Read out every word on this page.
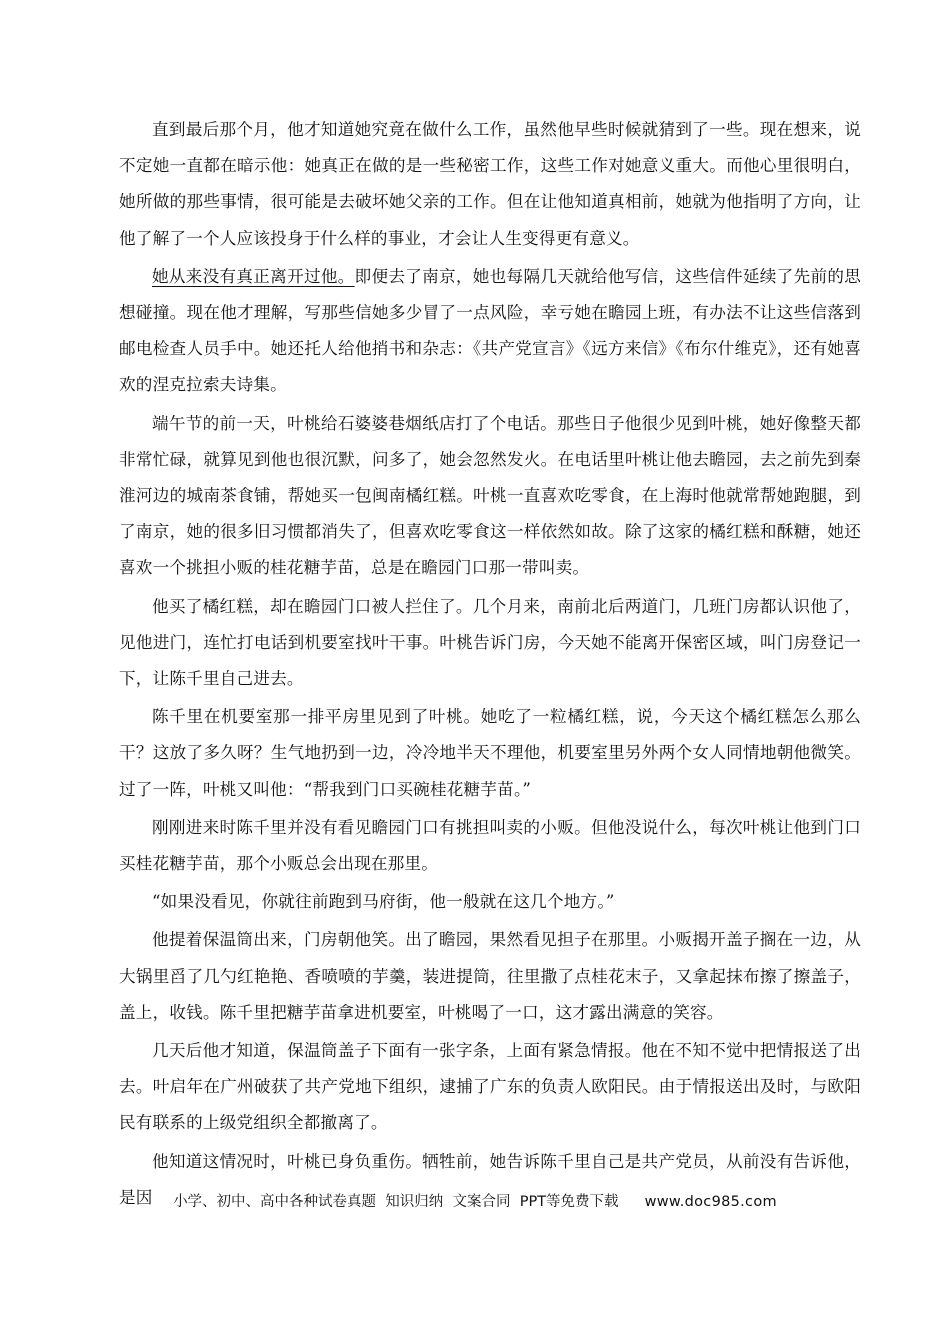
直到最后那个月，他才知道她究竟在做什么工作，虽然他早些时候就猜到了一些。现在想来，说不定她一直都在暗示他：她真正在做的是一些秘密工作，这些工作对她意义重大。而他心里很明白，她所做的那些事情，很可能是去破坏她父亲的工作。但在让他知道真相前，她就为他指明了方向，让他了解了一个人应该投身于什么样的事业，才会让人生变得更有意义。

她从来没有真正离开过他。即便去了南京，她也每隔几天就给他写信，这些信件延续了先前的思想碰撞。现在他才理解，写那些信她多少冒了一点风险，幸亏她在瞻园上班，有办法不让这些信落到邮电检查人员手中。她还托人给他捎书和杂志：《共产党宣言》《远方来信》《布尔什维克》，还有她喜欢的涅克拉索夫诗集。

端午节的前一天，叶桃给石婆婆巷烟纸店打了个电话。那些日子他很少见到叶桃，她好像整天都非常忙碌，就算见到他也很沉默，问多了，她会忽然发火。在电话里叶桃让他去瞻园，去之前先到秦淮河边的城南茶食铺，帮她买一包闽南橘红糕。叶桃一直喜欢吃零食，在上海时他就常帮她跑腿，到了南京，她的很多旧习惯都消失了，但喜欢吃零食这一样依然如故。除了这家的橘红糕和酥糖，她还喜欢一个挑担小贩的桂花糖芋苗，总是在瞻园门口那一带叫卖。

他买了橘红糕，却在瞻园门口被人拦住了。几个月来，南前北后两道门，几班门房都认识他了，见他进门，连忙打电话到机要室找叶干事。叶桃告诉门房，今天她不能离开保密区域，叫门房登记一下，让陈千里自己进去。

陈千里在机要室那一排平房里见到了叶桃。她吃了一粒橘红糕，说，今天这个橘红糕怎么那么干？这放了多久呀？生气地扔到一边，冷冷地半天不理他，机要室里另外两个女人同情地朝他微笑。过了一阵，叶桃又叫他：“帮我到门口买碗桂花糖芋苗。”

刚刚进来时陈千里并没有看见瞻园门口有挑担叫卖的小贩。但他没说什么，每次叶桃让他到门口买桂花糖芋苗，那个小贩总会出现在那里。

“如果没看见，你就往前跑到马府街，他一般就在这几个地方。”

他提着保温筒出来，门房朝他笑。出了瞻园，果然看见担子在那里。小贩揭开盖子搁在一边，从大锅里舀了几勺红艳艳、香喷喷的芋羹，装进提筒，往里撒了点桂花末子，又拿起抹布擦了擦盖子，盖上，收钱。陈千里把糖芋苗拿进机要室，叶桃喝了一口，这才露出满意的笑容。

几天后他才知道，保温筒盖子下面有一张字条，上面有紧急情报。他在不知不觉中把情报送了出去。叶启年在广州破获了共产党地下组织，逮捕了广东的负责人欧阳民。由于情报送出及时，与欧阳民有联系的上级党组织全都撤离了。

他知道这情况时，叶桃已身负重伤。牺牲前，她告诉陈千里自己是共产党员，从前没有告诉他，是因	小学、初中、高中各种试卷真题  知识归纳  文案合同  PPT等免费下载 www.doc985.com
